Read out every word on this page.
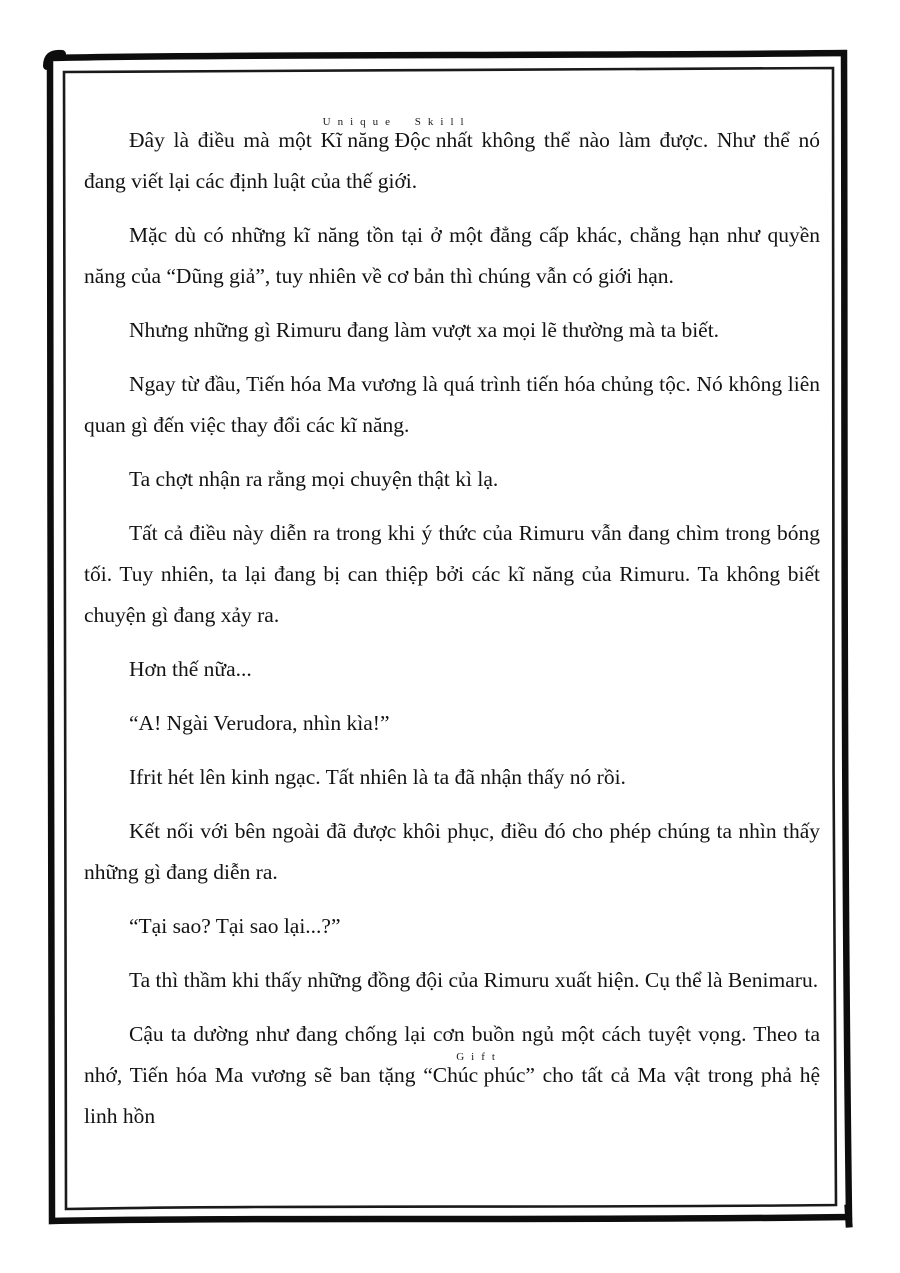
Đây là điều mà một
Unique Skill
Kĩ năng Độc nhất không thể nào làm được. Như thể nó đang viết lại các định luật của thế giới.

Mặc dù có những kĩ năng tồn tại ở một đẳng cấp khác, chẳng hạn như quyền năng của “Dũng giả”, tuy nhiên về cơ bản thì chúng vẫn có giới hạn.

Nhưng những gì Rimuru đang làm vượt xa mọi lẽ thường mà ta biết.

Ngay từ đầu, Tiến hóa Ma vương là quá trình tiến hóa chủng tộc. Nó không liên quan gì đến việc thay đổi các kĩ năng.

Ta chợt nhận ra rằng mọi chuyện thật kì lạ.

Tất cả điều này diễn ra trong khi ý thức của Rimuru vẫn đang chìm trong bóng tối. Tuy nhiên, ta lại đang bị can thiệp bởi các kĩ năng của Rimuru. Ta không biết chuyện gì đang xảy ra.

Hơn thế nữa...

“A! Ngài Verudora, nhìn kìa!”

Ifrit hét lên kinh ngạc. Tất nhiên là ta đã nhận thấy nó rồi.

Kết nối với bên ngoài đã được khôi phục, điều đó cho phép chúng ta nhìn thấy những gì đang diễn ra.

“Tại sao? Tại sao lại...?”

Ta thì thầm khi thấy những đồng đội của Rimuru xuất hiện. Cụ thể là Benimaru.

Cậu ta dường như đang chống lại cơn buồn ngủ một cách tuyệt vọng. Theo ta nhớ, Tiến hóa Ma vương sẽ ban tặng
Gift
“Chúc phúc” cho tất cả Ma vật trong phả hệ linh hồn
